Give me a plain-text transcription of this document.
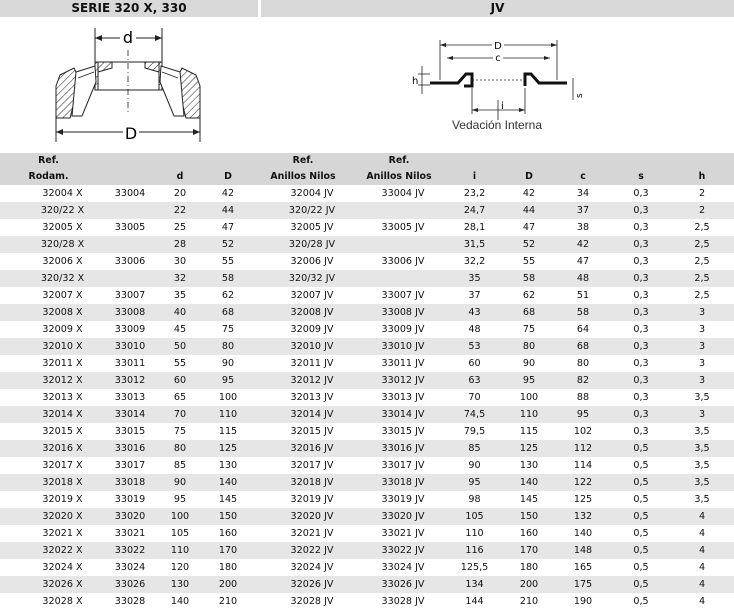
SERIE 320 X, 330	JV
d
D
D
c
h
i
s
Vedación Interna
Ref.				Ref.	Ref.					
Rodam.		d	D	Anillos Nilos	Anillos Nilos	i	D	c	s	h
32004 X	33004	20	42	32004 JV	33004 JV	23,2	42	34	0,3	2
320/22 X		22	44	320/22 JV		24,7	44	37	0,3	2
32005 X	33005	25	47	32005 JV	33005 JV	28,1	47	38	0,3	2,5
320/28 X		28	52	320/28 JV		31,5	52	42	0,3	2,5
32006 X	33006	30	55	32006 JV	33006 JV	32,2	55	47	0,3	2,5
320/32 X		32	58	320/32 JV		35	58	48	0,3	2,5
32007 X	33007	35	62	32007 JV	33007 JV	37	62	51	0,3	2,5
32008 X	33008	40	68	32008 JV	33008 JV	43	68	58	0,3	3
32009 X	33009	45	75	32009 JV	33009 JV	48	75	64	0,3	3
32010 X	33010	50	80	32010 JV	33010 JV	53	80	68	0,3	3
32011 X	33011	55	90	32011 JV	33011 JV	60	90	80	0,3	3
32012 X	33012	60	95	32012 JV	33012 JV	63	95	82	0,3	3
32013 X	33013	65	100	32013 JV	33013 JV	70	100	88	0,3	3,5
32014 X	33014	70	110	32014 JV	33014 JV	74,5	110	95	0,3	3
32015 X	33015	75	115	32015 JV	33015 JV	79,5	115	102	0,3	3,5
32016 X	33016	80	125	32016 JV	33016 JV	85	125	112	0,5	3,5
32017 X	33017	85	130	32017 JV	33017 JV	90	130	114	0,5	3,5
32018 X	33018	90	140	32018 JV	33018 JV	95	140	122	0,5	3,5
32019 X	33019	95	145	32019 JV	33019 JV	98	145	125	0,5	3,5
32020 X	33020	100	150	32020 JV	33020 JV	105	150	132	0,5	4
32021 X	33021	105	160	32021 JV	33021 JV	110	160	140	0,5	4
32022 X	33022	110	170	32022 JV	33022 JV	116	170	148	0,5	4
32024 X	33024	120	180	32024 JV	33024 JV	125,5	180	165	0,5	4
32026 X	33026	130	200	32026 JV	33026 JV	134	200	175	0,5	4
32028 X	33028	140	210	32028 JV	33028 JV	144	210	190	0,5	4
